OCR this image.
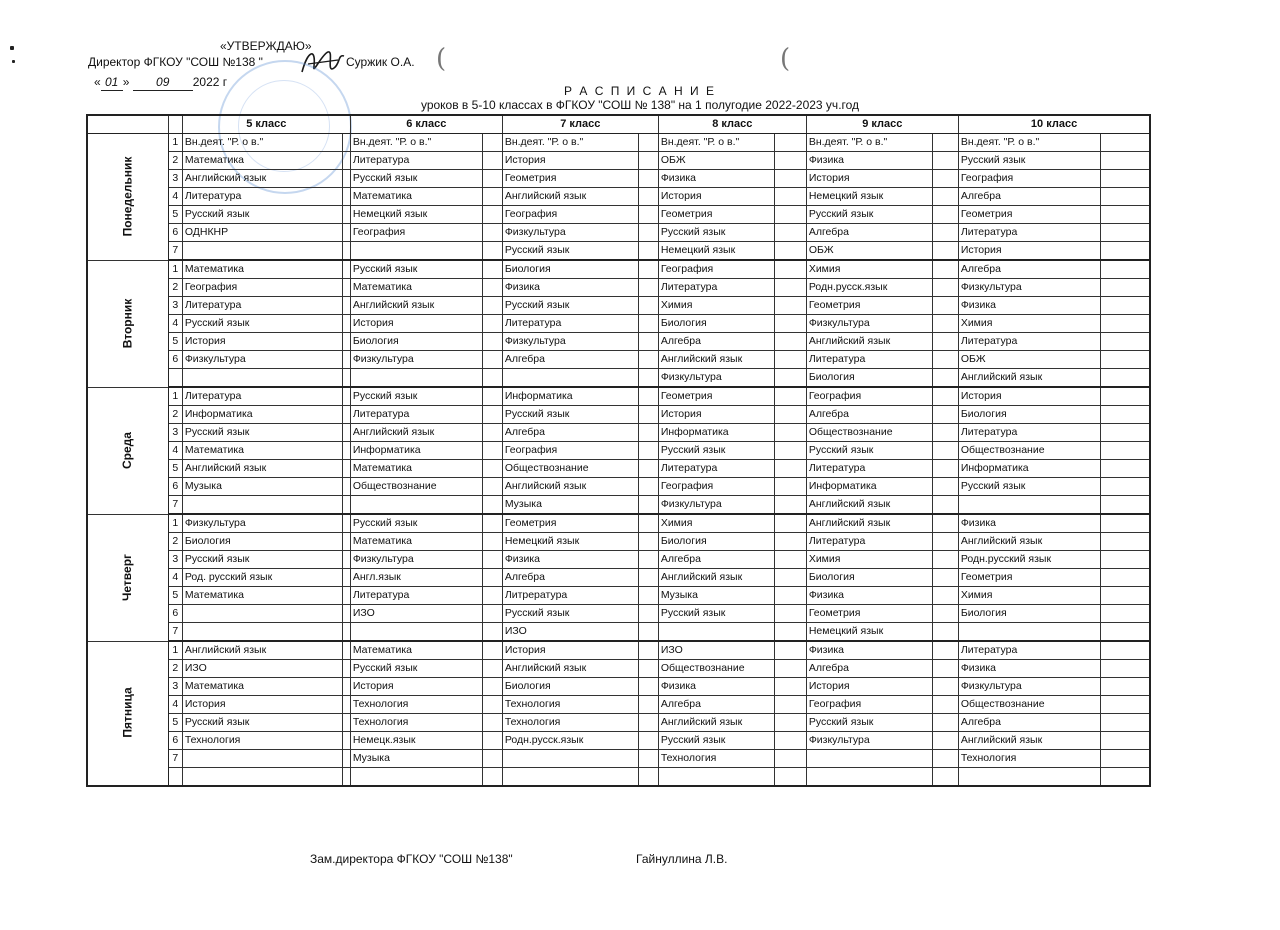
«УТВЕРЖДАЮ»
Директор ФГКОУ "СОШ №138 "	Суржик О.А.
« 01 » 09 2022 г
(	(
Р А С П И С А Н И Е
уроков в 5-10 классах в ФГКОУ "СОШ № 138" на 1 полугодие 2022-2023 уч.год
		5 класс		6 класс		7 класс		8 класс		9 класс		10 класс	
Понедельник	1	Вн.деят. "Р. о в."		Вн.деят. "Р. о в."		Вн.деят. "Р. о в."		Вн.деят. "Р. о в."		Вн.деят. "Р. о в."		Вн.деят. "Р. о в."	
	2	Математика		Литература		История		ОБЖ		Физика		Русский язык	
	3	Английский язык		Русский язык		Геометрия		Физика		История		География	
	4	Литература		Математика		Английский язык		История		Немецкий язык		Алгебра	
	5	Русский язык		Немецкий язык		География		Геометрия		Русский язык		Геометрия	
	6	ОДНКНР		География		Физкультура		Русский язык		Алгебра		Литература	
	7					Русский язык		Немецкий язык		ОБЖ		История	
Вторник	1	Математика		Русский язык		Биология		География		Химия		Алгебра	
	2	География		Математика		Физика		Литература		Родн.русск.язык		Физкультура	
	3	Литература		Английский язык		Русский язык		Химия		Геометрия		Физика	
	4	Русский язык		История		Литература		Биология		Физкультура		Химия	
	5	История		Биология		Физкультура		Алгебра		Английский язык		Литература	
	6	Физкультура		Физкультура		Алгебра		Английский язык		Литература		ОБЖ	
								Физкультура		Биология		Английский язык	
Среда	1	Литература		Русский язык		Информатика		Геометрия		География		История	
	2	Информатика		Литература		Русский язык		История		Алгебра		Биология	
	3	Русский язык		Английский язык		Алгебра		Информатика		Обществознание		Литература	
	4	Математика		Информатика		География		Русский язык		Русский язык		Обществознание	
	5	Английский язык		Математика		Обществознание		Литература		Литература		Информатика	
	6	Музыка		Обществознание		Английский язык		География		Информатика		Русский язык	
	7					Музыка		Физкультура		Английский язык			
Четверг	1	Физкультура		Русский язык		Геометрия		Химия		Английский язык		Физика	
	2	Биология		Математика		Немецкий язык		Биология		Литература		Английский язык	
	3	Русский язык		Физкультура		Физика		Алгебра		Химия		Родн.русский язык	
	4	Род. русский язык		Англ.язык		Алгебра		Английский язык		Биология		Геометрия	
	5	Математика		Литература		Литрература		Музыка		Физика		Химия	
	6			ИЗО		Русский язык		Русский язык		Геометрия		Биология	
	7					ИЗО				Немецкий язык			
Пятница	1	Английский язык		Математика		История		ИЗО		Физика		Литература	
	2	ИЗО		Русский язык		Английский язык		Обществознание		Алгебра		Физика	
	3	Математика		История		Биология		Физика		История		Физкультура	
	4	История		Технология		Технология		Алгебра		География		Обществознание	
	5	Русский язык		Технология		Технология		Английский язык		Русский язык		Алгебра	
	6	Технология		Немецк.язык		Родн.русск.язык		Русский язык		Физкультура		Английский язык	
	7			Музыка				Технология				Технология	

Зам.директора ФГКОУ "СОШ №138"	Гайнуллина Л.В.
